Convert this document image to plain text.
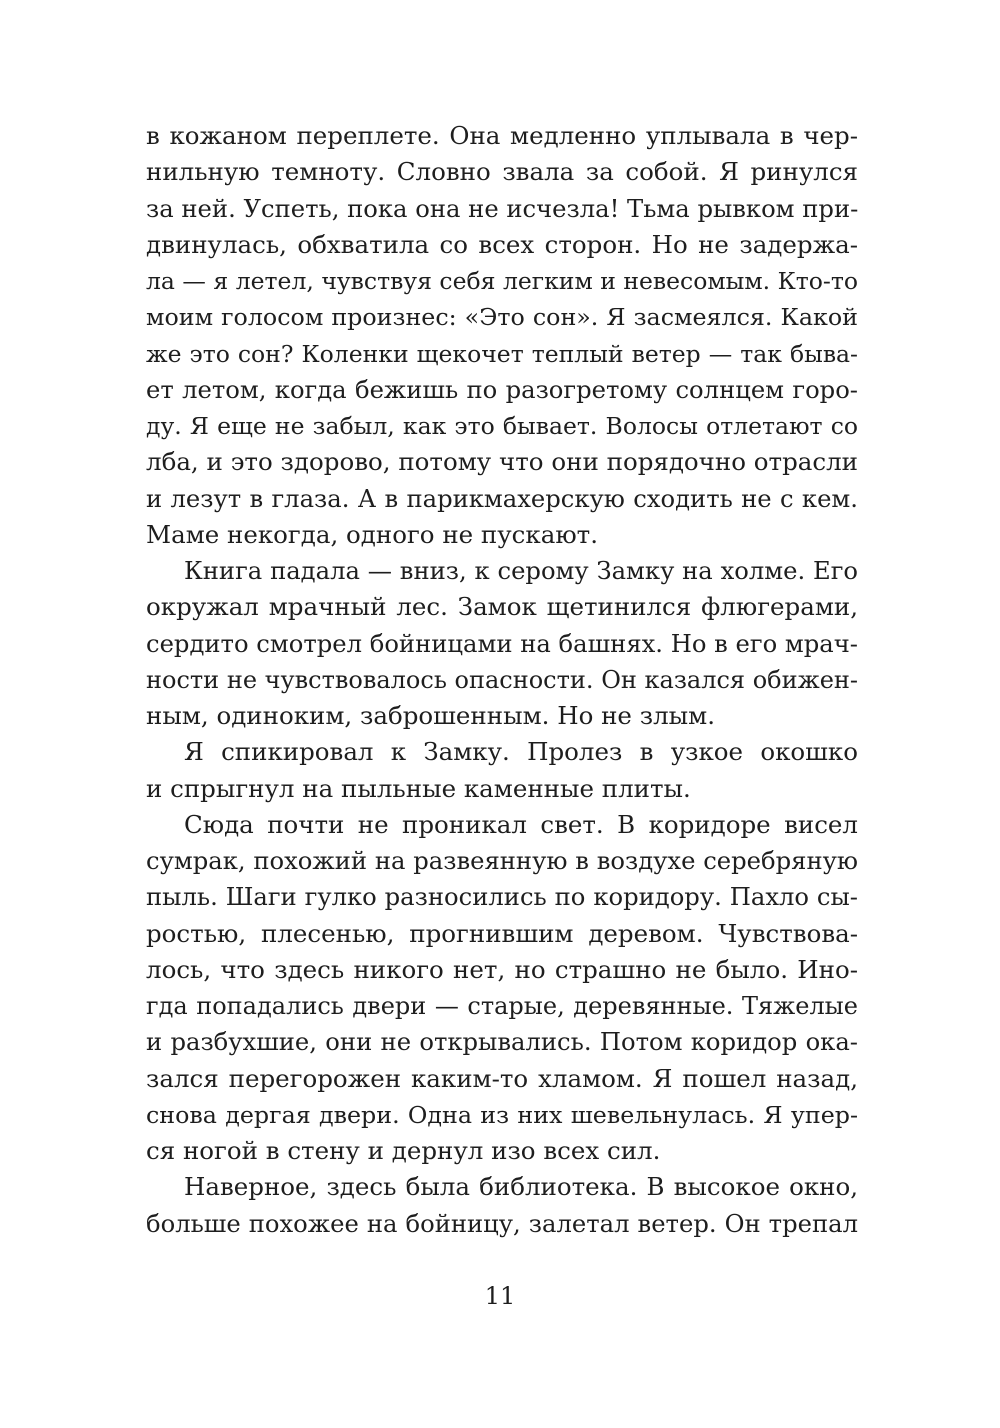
в кожаном переплете. Она медленно уплывала в чер-
нильную темноту. Словно звала за собой. Я ринулся
за ней. Успеть, пока она не исчезла! Тьма рывком при-
двинулась, обхватила со всех сторон. Но не задержа-
ла — я летел, чувствуя себя легким и невесомым. Кто-то
моим голосом произнес: «Это сон». Я засмеялся. Какой
же это сон? Коленки щекочет теплый ветер — так быва-
ет летом, когда бежишь по разогретому солнцем горо-
ду. Я еще не забыл, как это бывает. Волосы отлетают со
лба, и это здорово, потому что они порядочно отрасли
и лезут в глаза. А в парикмахерскую сходить не с кем.
Маме некогда, одного не пускают.
Книга падала — вниз, к серому Замку на холме. Его
окружал мрачный лес. Замок щетинился флюгерами,
сердито смотрел бойницами на башнях. Но в его мрач-
ности не чувствовалось опасности. Он казался обижен-
ным, одиноким, заброшенным. Но не злым.
Я спикировал к Замку. Пролез в узкое окошко
и спрыгнул на пыльные каменные плиты.
Сюда почти не проникал свет. В коридоре висел
сумрак, похожий на развеянную в воздухе серебряную
пыль. Шаги гулко разносились по коридору. Пахло сы-
ростью, плесенью, прогнившим деревом. Чувствова-
лось, что здесь никого нет, но страшно не было. Ино-
гда попадались двери — старые, деревянные. Тяжелые
и разбухшие, они не открывались. Потом коридор ока-
зался перегорожен каким-то хламом. Я пошел назад,
снова дергая двери. Одна из них шевельнулась. Я упер-
ся ногой в стену и дернул изо всех сил.
Наверное, здесь была библиотека. В высокое окно,
больше похожее на бойницу, залетал ветер. Он трепал
11
